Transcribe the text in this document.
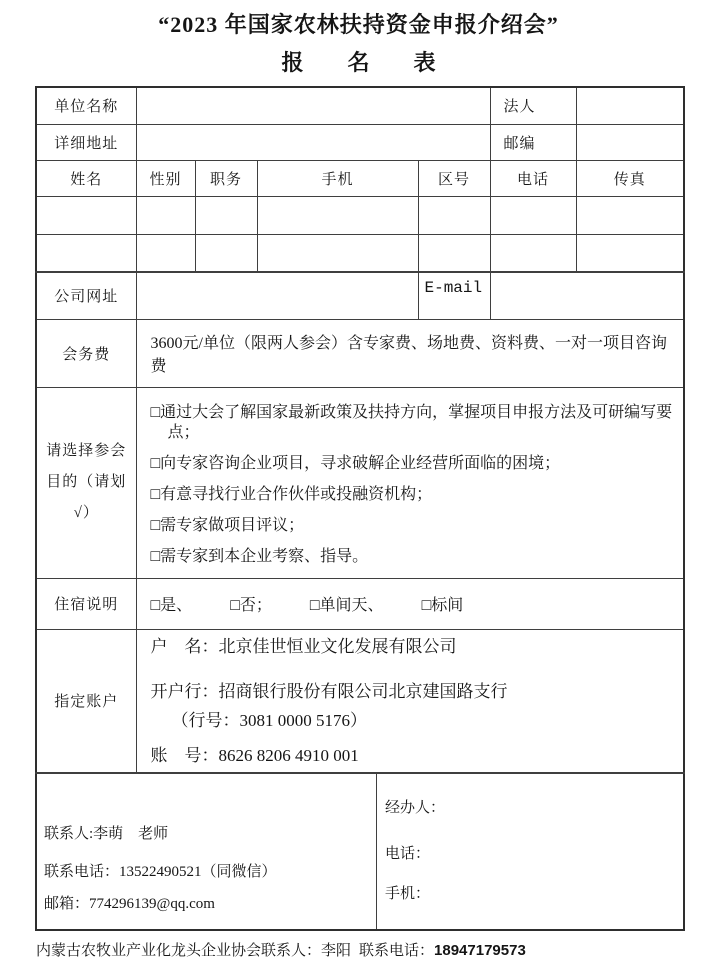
“2023 年国家农林扶持资金申报介绍会”
报　　名　　表
单位名称					法人	
详细地址					邮编	
姓名	性别	职务	手机	区号	电话	传真

公司网址				E-mail		
会务费	3600元/单位（限两人参会）含专家费、场地费、资料费、一对一项目咨询费					

请选择参会
目的（请划
√）

□通过大会了解国家最新政策及扶持方向，掌握项目申报方法及可研编写要点；
□向专家咨询企业项目，寻求破解企业经营所面临的困境；
□有意寻找行业合作伙伴或投融资机构；
□需专家做项目评议；
□需专家到本企业考察、指导。

住宿说明	□是、 □否； □单间天、 □标间					

指定账户	户　名：北京佳世恒业文化发展有限公司
开户行：招商银行股份有限公司北京建国路支行
（行号：3081 0000 5176）
账　号：8626 8206 4910 001					

联系人:李萌　老师
联系电话：13522490521（同微信）
邮箱：774296139@qq.com
经办人：
电话：
手机：
内蒙古农牧业产业化龙头企业协会联系人：李阳 联系电话：18947179573
